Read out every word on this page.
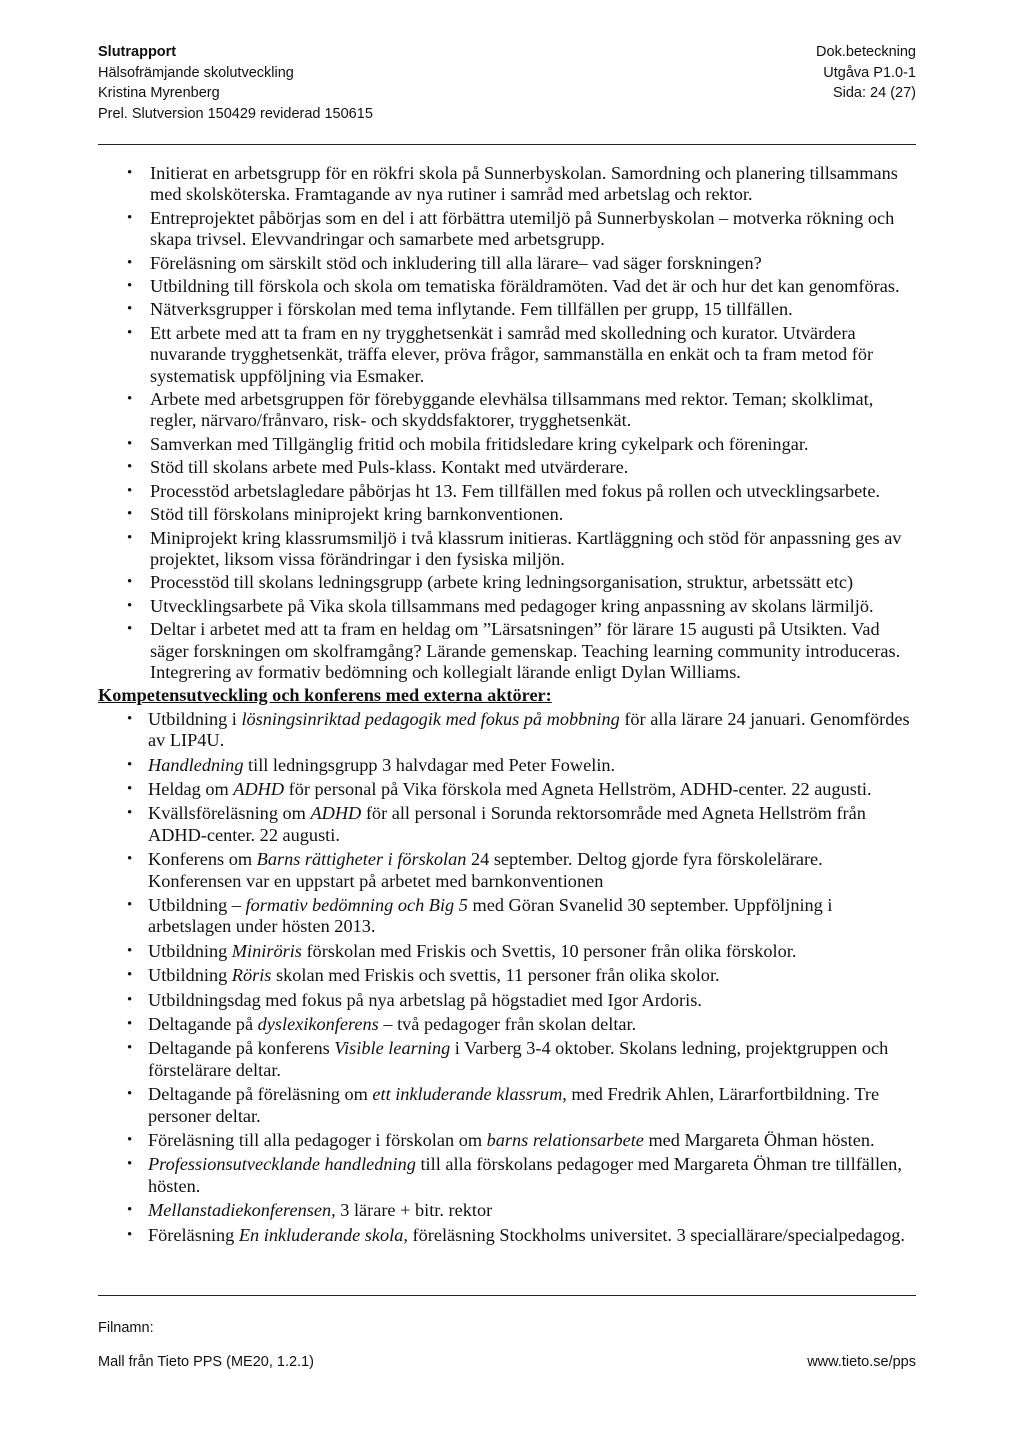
Slutrapport
Hälsofrämjande skolutveckling
Kristina Myrenberg
Prel. Slutversion 150429 reviderad 150615
Dok.beteckning
Utgåva P1.0-1
Sida: 24 (27)
• Initierat en arbetsgrupp för en rökfri skola på Sunnerbyskolan. Samordning och planering tillsammans med skolsköterska. Framtagande av nya rutiner i samråd med arbetslag och rektor.
• Entreprojektet påbörjas som en del i att förbättra utemiljö på Sunnerbyskolan – motverka rökning och skapa trivsel. Elevvandringar och samarbete med arbetsgrupp.
• Föreläsning om särskilt stöd och inkludering till alla lärare– vad säger forskningen?
• Utbildning till förskola och skola om tematiska föräldramöten. Vad det är och hur det kan genomföras.
• Nätverksgrupper i förskolan med tema inflytande. Fem tillfällen per grupp, 15 tillfällen.
• Ett arbete med att ta fram en ny trygghetsenkät i samråd med skolledning och kurator. Utvärdera nuvarande trygghetsenkät, träffa elever, pröva frågor, sammanställa en enkät och ta fram metod för systematisk uppföljning via Esmaker.
• Arbete med arbetsgruppen för förebyggande elevhälsa tillsammans med rektor. Teman; skolklimat, regler, närvaro/frånvaro, risk- och skyddsfaktorer, trygghetsenkät.
• Samverkan med Tillgänglig fritid och mobila fritidsledare kring cykelpark och föreningar.
• Stöd till skolans arbete med Puls-klass. Kontakt med utvärderare.
• Processtöd arbetslagledare påbörjas ht 13. Fem tillfällen med fokus på rollen och utvecklingsarbete.
• Stöd till förskolans miniprojekt kring barnkonventionen.
• Miniprojekt kring klassrumsmiljö i två klassrum initieras. Kartläggning och stöd för anpassning ges av projektet, liksom vissa förändringar i den fysiska miljön.
• Processtöd till skolans ledningsgrupp (arbete kring ledningsorganisation, struktur, arbetssätt etc)
• Utvecklingsarbete på Vika skola tillsammans med pedagoger kring anpassning av skolans lärmiljö.
• Deltar i arbetet med att ta fram en heldag om ”Lärsatsningen” för lärare 15 augusti på Utsikten. Vad säger forskningen om skolframgång? Lärande gemenskap. Teaching learning community introduceras. Integrering av formativ bedömning och kollegialt lärande enligt Dylan Williams.
Kompetensutveckling och konferens med externa aktörer:
• Utbildning i lösningsinriktad pedagogik med fokus på mobbning för alla lärare 24 januari. Genomfördes av LIP4U.
• Handledning till ledningsgrupp 3 halvdagar med Peter Fowelin.
• Heldag om ADHD för personal på Vika förskola med Agneta Hellström, ADHD-center. 22 augusti.
• Kvällsföreläsning om ADHD för all personal i Sorunda rektorsområde med Agneta Hellström från ADHD-center. 22 augusti.
• Konferens om Barns rättigheter i förskolan 24 september. Deltog gjorde fyra förskolelärare. Konferensen var en uppstart på arbetet med barnkonventionen
• Utbildning – formativ bedömning och Big 5 med Göran Svanelid 30 september. Uppföljning i arbetslagen under hösten 2013.
• Utbildning Miniröris förskolan med Friskis och Svettis, 10 personer från olika förskolor.
• Utbildning Röris skolan med Friskis och svettis, 11 personer från olika skolor.
• Utbildningsdag med fokus på nya arbetslag på högstadiet med Igor Ardoris.
• Deltagande på dyslexikonferens – två pedagoger från skolan deltar.
• Deltagande på konferens Visible learning i Varberg 3-4 oktober. Skolans ledning, projektgruppen och förstelärare deltar.
• Deltagande på föreläsning om ett inkluderande klassrum, med Fredrik Ahlen, Lärarfortbildning. Tre personer deltar.
• Föreläsning till alla pedagoger i förskolan om barns relationsarbete med Margareta Öhman hösten.
• Professionsutvecklande handledning till alla förskolans pedagoger med Margareta Öhman tre tillfällen, hösten.
• Mellanstadiekonferensen, 3 lärare + bitr. rektor
• Föreläsning En inkluderande skola, föreläsning Stockholms universitet. 3 speciallärare/specialpedagog.
Filnamn:
Mall från Tieto PPS (ME20, 1.2.1)	www.tieto.se/pps
